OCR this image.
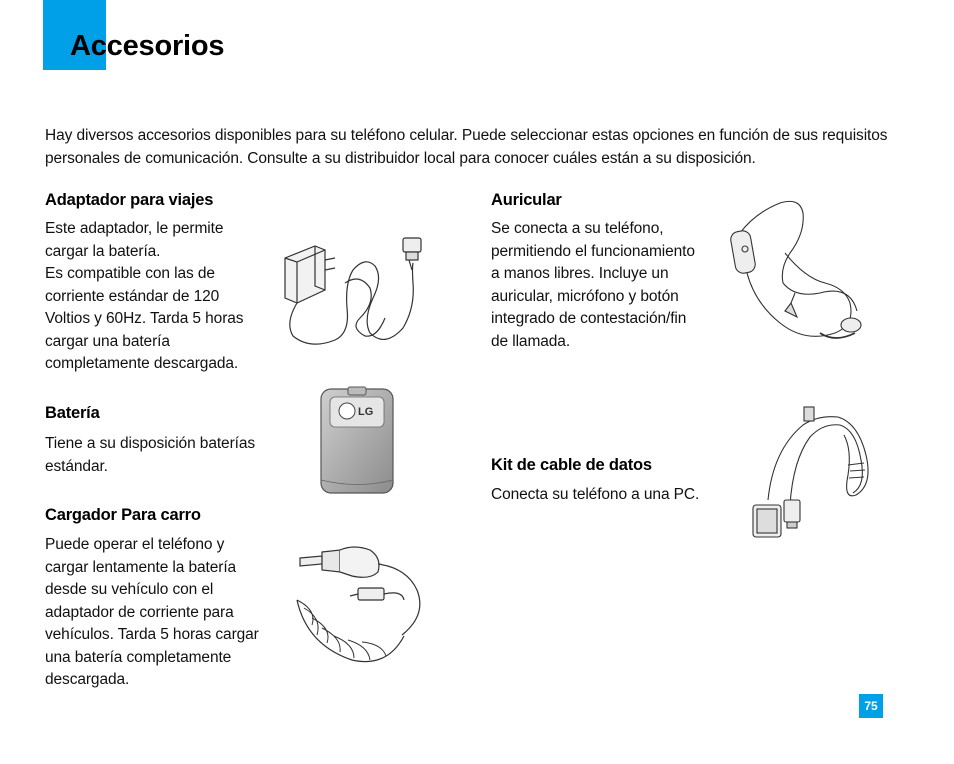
Accesorios

Hay diversos accesorios disponibles para su teléfono celular. Puede seleccionar estas opciones en función de sus requisitos personales de comunicación. Consulte a su distribuidor local para conocer cuáles están a su disposición.

Adaptador para viajes

Este adaptador, le permite
cargar la batería.
Es compatible con las de
corriente estándar de 120
Voltios y 60Hz. Tarda 5 horas
cargar una batería
completamente descargada.

Batería

Tiene a su disposición baterías
estándar.

LG
Cargador Para carro

Puede operar el teléfono y
cargar lentamente la batería
desde su vehículo con el
adaptador de corriente para
vehículos. Tarda 5 horas cargar
una batería completamente
descargada.

Auricular

Se conecta a su teléfono,
permitiendo el funcionamiento
a manos libres. Incluye un
auricular, micrófono y botón
integrado de contestación/fin
de llamada.

Kit de cable de datos

Conecta su teléfono a una PC.

75
